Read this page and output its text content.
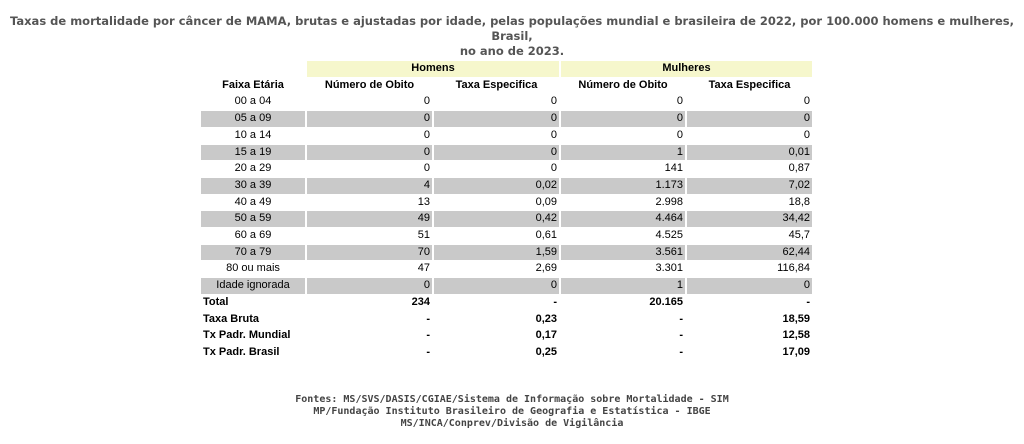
Taxas de mortalidade por câncer de MAMA, brutas e ajustadas por idade, pelas populações mundial e brasileira de 2022, por 100.000 homens e mulheres, Brasil,
no ano de 2023.
	Homens		Mulheres	
Faixa Etária	Número de Obito	Taxa Especifica	Número de Obito	Taxa Especifica
00 a 04	0	0	0	0
05 a 09	0	0	0	0
10 a 14	0	0	0	0
15 a 19	0	0	1	0,01
20 a 29	0	0	141	0,87
30 a 39	4	0,02	1.173	7,02
40 a 49	13	0,09	2.998	18,8
50 a 59	49	0,42	4.464	34,42
60 a 69	51	0,61	4.525	45,7
70 a 79	70	1,59	3.561	62,44
80 ou mais	47	2,69	3.301	116,84
Idade ignorada	0	0	1	0
Total	234	-	20.165	-
Taxa Bruta	-	0,23	-	18,59
Tx Padr. Mundial	-	0,17	-	12,58
Tx Padr. Brasil	-	0,25	-	17,09
Fontes: MS/SVS/DASIS/CGIAE/Sistema de Informação sobre Mortalidade - SIM
MP/Fundação Instituto Brasileiro de Geografia e Estatística - IBGE
MS/INCA/Conprev/Divisão de Vigilância
